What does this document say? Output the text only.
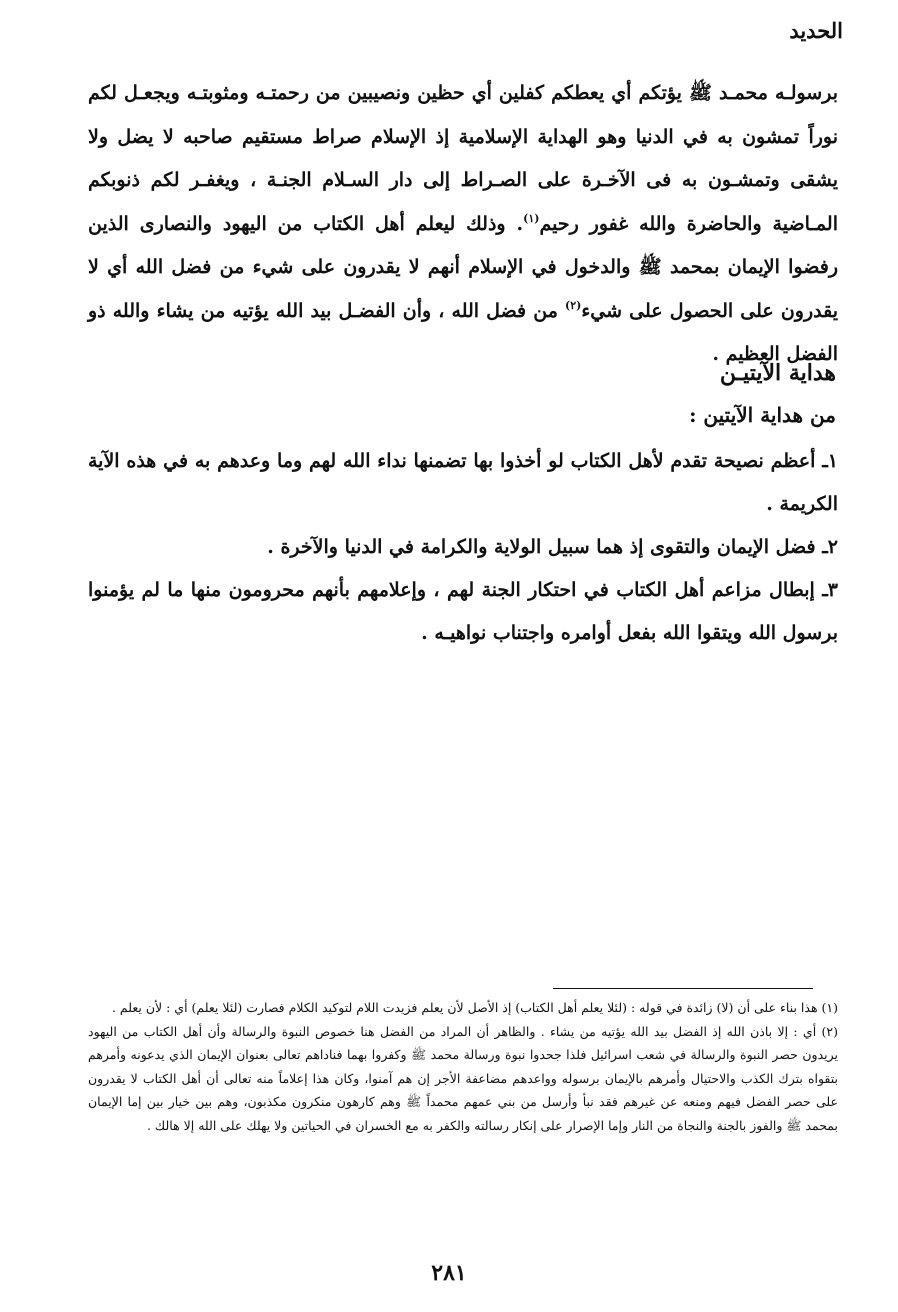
الحديد
برسولـه محمـد ﷺ يؤتكم أي يعطكم كفلين أي حظين ونصيبين من رحمتـه ومثوبتـه ويجعـل لكم نوراً تمشون به في الدنيا وهو الهداية الإسلامية إذ الإسلام صراط مستقيم صاحبه لا يضل ولا يشقى وتمشـون به فى الآخـرة على الصـراط إلى دار السـلام الجنـة ، ويغفـر لكم ذنوبكم المـاضية والحاضرة والله غفور رحيم$^{(١)}$. وذلك ليعلم أهل الكتاب من اليهود والنصارى الذين رفضوا الإيمان بمحمد ﷺ والدخول في الإسلام أنهم لا يقدرون على شيء من فضل الله أي لا يقدرون على الحصول على شيء$^{(٢)}$ من فضل الله ، وأن الفضـل بيد الله يؤتيه من يشاء والله ذو الفضل العظيم .
هداية الآيتيـن
من هداية الآيتين :
١ـ أعظم نصيحة تقدم لأهل الكتاب لو أخذوا بها تضمنها نداء الله لهم وما وعدهم به في هذه الآية الكريمة .
٢ـ فضل الإيمان والتقوى إذ هما سبيل الولاية والكرامة في الدنيا والآخرة .
٣ـ إبطال مزاعم أهل الكتاب في احتكار الجنة لهم ، وإعلامهم بأنهم محرومون منها ما لم يؤمنوا برسول الله ويتقوا الله بفعل أوامره واجتناب نواهيـه .

(١) هذا بناء على أن (لا) زائدة في قوله : (لئلا يعلم أهل الكتاب) إذ الأصل لأن يعلم فزيدت اللام لتوكيد الكلام فصارت (لئلا يعلم) أي : لأن يعلم .

(٢) أي : إلا باذن الله إذ الفضل بيد الله يؤتيه من يشاء . والظاهر أن المراد من الفضل هنا خصوص النبوة والرسالة وأن أهل الكتاب من اليهود يريدون حصر النبوة والرسالة في شعب اسرائيل فلذا جحدوا نبوة ورسالة محمد ﷺ وكفروا بهما فناداهم تعالى بعنوان الإيمان الذي يدعونه وأمرهم بتقواه بترك الكذب والاحتيال وأمرهم بالإيمان برسوله وواعدهم مضاعفة الأجر إن هم آمنوا، وكان هذا إعلاماً منه تعالى أن أهل الكتاب لا يقدرون على حصر الفضل فيهم ومنعه عن غيرهم فقد نبأ وأرسل من بني عمهم محمداً ﷺ وهم كارهون منكرون مكذبون، وهم بين خيار بين إما الإيمان بمحمد ﷺ والفوز بالجنة والنجاة من النار وإما الإصرار على إنكار رسالته والكفر به مع الخسران في الحياتين ولا يهلك على الله إلا هالك .

٢٨١
